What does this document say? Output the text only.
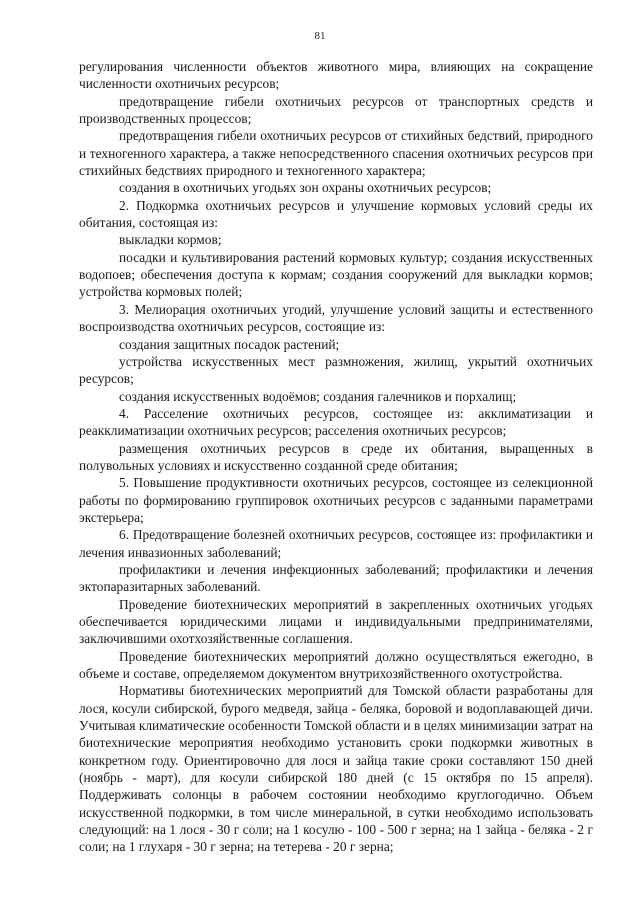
81

регулирования численности объектов животного мира, влияющих на сокращение численности охотничьих ресурсов;

предотвращение гибели охотничьих ресурсов от транспортных средств и производственных процессов;

предотвращения гибели охотничьих ресурсов от стихийных бедствий, природного и техногенного характера, а также непосредственного спасения охотничьих ресурсов при стихийных бедствиях природного и техногенного характера;

создания в охотничьих угодьях зон охраны охотничьих ресурсов;

2. Подкормка охотничьих ресурсов и улучшение кормовых условий среды их обитания, состоящая из:

выкладки кормов;

посадки и культивирования растений кормовых культур; создания искусственных водопоев; обеспечения доступа к кормам; создания сооружений для выкладки кормов; устройства кормовых полей;

3. Мелиорация охотничьих угодий, улучшение условий защиты и естественного воспроизводства охотничьих ресурсов, состоящие из:

создания защитных посадок растений;

устройства искусственных мест размножения, жилищ, укрытий охотничьих ресурсов;

создания искусственных водоёмов; создания галечников и порхалищ;

4. Расселение охотничьих ресурсов, состоящее из: акклиматизации и реакклиматизации охотничьих ресурсов; расселения охотничьих ресурсов;

размещения охотничьих ресурсов в среде их обитания, выращенных в полувольных условиях и искусственно созданной среде обитания;

5. Повышение продуктивности охотничьих ресурсов, состоящее из селекционной работы по формированию группировок охотничьих ресурсов с заданными параметрами экстерьера;

6. Предотвращение болезней охотничьих ресурсов, состоящее из: профилактики и лечения инвазионных заболеваний;

профилактики и лечения инфекционных заболеваний; профилактики и лечения эктопаразитарных заболеваний.

Проведение биотехнических мероприятий в закрепленных охотничьих угодьях обеспечивается юридическими лицами и индивидуальными предпринимателями, заключившими охотхозяйственные соглашения.

Проведение биотехнических мероприятий должно осуществляться ежегодно, в объеме и составе, определяемом документом внутрихозяйственного охотустройства.

Нормативы биотехнических мероприятий для Томской области разработаны для лося, косули сибирской, бурого медведя, зайца - беляка, боровой и водоплавающей дичи. Учитывая климатические особенности Томской области и в целях минимизации затрат на биотехнические мероприятия необходимо установить сроки подкормки животных в конкретном году. Ориентировочно для лося и зайца такие сроки составляют 150 дней (ноябрь - март), для косули сибирской 180 дней (с 15 октября по 15 апреля). Поддерживать солонцы в рабочем состоянии необходимо круглогодично. Объем искусственной подкормки, в том числе минеральной, в сутки необходимо использовать следующий: на 1 лося - 30 г соли; на 1 косулю - 100 - 500 г зерна; на 1 зайца - беляка - 2 г соли; на 1 глухаря - 30 г зерна; на тетерева - 20 г зерна;
